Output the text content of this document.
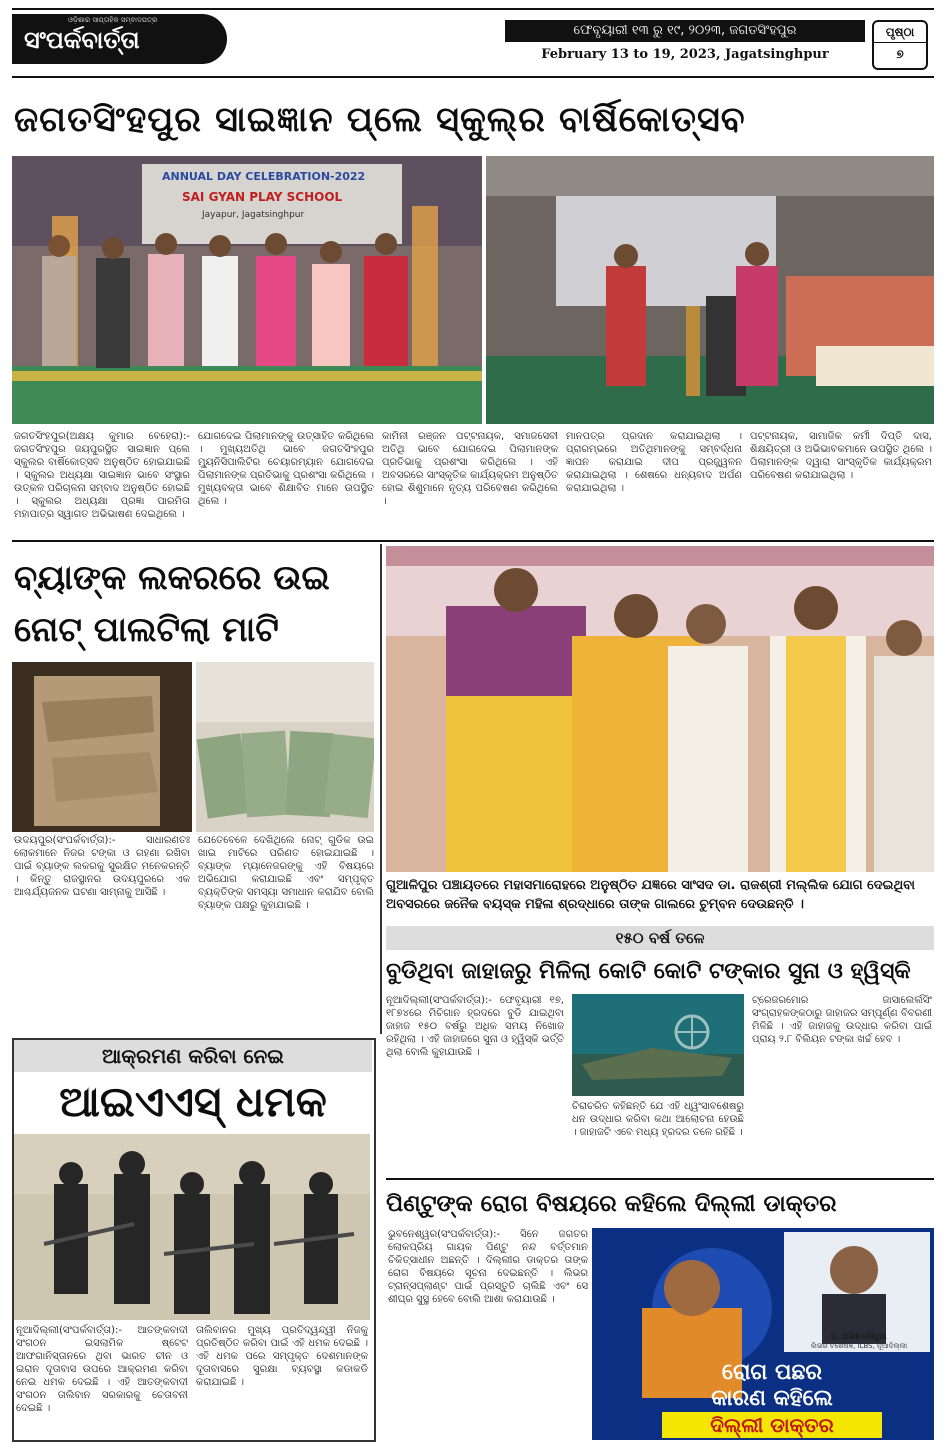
ଓଡ଼ିଶାର ସାପ୍ତାହିକ ସମ୍ବାଦପତ୍ର
ସଂପର୍କବାର୍ତ୍ତା	ଫେବୃୟାରୀ ୧୩ ରୁ ୧୯, ୨୦୨୩, ଜଗତସିଂହପୁର
February 13 to 19, 2023, Jagatsinghpur
ପୃଷ୍ଠା
୭
ଜଗତସିଂହପୁର ସାଇଜ୍ଞାନ ପ୍ଲେ ସ୍କୁଲ୍‌ର ବାର୍ଷିକୋତ୍ସବ
ANNUAL DAY CELEBRATION-2022
SAI GYAN PLAY SCHOOL
Jayapur, Jagatsinghpur
ଜଗତସିଂହପୁର(ଅକ୍ଷୟ କୁମାର ବେହେରା):- ଜଗତସିଂହପୁର ଜୟପୁରସ୍ଥିତ ସାଇଜ୍ଞାନ ପ୍ଲେ ସ୍କୁଲର ବାର୍ଷିକୋତ୍ସବ ଅନୁଷ୍ଠିତ ହୋଇଯାଇଛି । ସ୍କୁଲର ଅଧ୍ୟକ୍ଷା ସାଇଜ୍ଞାନ ଭାବେ ସଂସ୍ଥାର ଉତ୍କଳ ପରିଚାଳନା ସମ୍ବାଦ ଅନୁଷ୍ଠିତ ହୋଇଛି । ସ୍କୁଲର ଅଧ୍ୟକ୍ଷା ପ୍ରଜ୍ଞା ପାରମିତା ମହାପାତ୍ର ସ୍ୱାଗତ ଅଭିଭାଷଣ ଦେଇଥିଲେ ।
ଯୋଗଦେଇ ପିଲାମାନଙ୍କୁ ଉତ୍ସାହିତ କରିଥିଲେ । ମୁଖ୍ୟଅତିଥି ଭାବେ ଜଗତସିଂହପୁର ମ୍ୟୁନିସିପାଲିଟିର ଚେୟାରମ୍ୟାନ ଯୋଗଦେଇ ପିଲାମାନଙ୍କ ପ୍ରତିଭାକୁ ପ୍ରଶଂସା କରିଥିଲେ । ମୁଖ୍ୟବକ୍ତା ଭାବେ ଶିକ୍ଷାବିତ ମାନେ ଉପସ୍ଥିତ ଥିଲେ ।
କାମିନୀ ରଞ୍ଜନ ପଟ୍ଟନାୟକ, ସମାଜସେବୀ ଅତିଥି ଭାବେ ଯୋଗଦେଇ ପିଲାମାନଙ୍କ ପ୍ରତିଭାକୁ ପ୍ରଶଂସା କରିଥିଲେ । ଏହି ଅବସରରେ ସାଂସ୍କୃତିକ କାର୍ଯ୍ୟକ୍ରମ ଅନୁଷ୍ଠିତ ହୋଇ ଶିଶୁମାନେ ନୃତ୍ୟ ପରିବେଷଣ କରିଥିଲେ ।
ମାନପତ୍ର ପ୍ରଦାନ କରାଯାଇଥିଲା । ପ୍ରାରମ୍ଭରେ ଅତିଥିମାନଙ୍କୁ ସମ୍ବର୍ଦ୍ଧନା ଜ୍ଞାପନ କରାଯାଇ ଦୀପ ପ୍ରଜ୍ଜ୍ୱଳନ କରାଯାଇଥିଲା । ଶେଷରେ ଧନ୍ୟବାଦ ଅର୍ପଣ କରାଯାଇଥିଲା ।
ପଟ୍ଟନାୟକ, ସାମାଜିକ କର୍ମୀ ଦିପ୍ତି ଦାସ, ଶିକ୍ଷୟିତ୍ରୀ ଓ ଅଭିଭାବକମାନେ ଉପସ୍ଥିତ ଥିଲେ । ପିଲାମାନଙ୍କ ଦ୍ୱାରା ସାଂସ୍କୃତିକ କାର୍ଯ୍ୟକ୍ରମ ପରିବେଷଣ କରାଯାଇଥିଲା ।
ବ୍ୟାଙ୍କ ଲକରରେ ଉଇ ନୋଟ୍ ପାଲଟିଲା ମାଟି
ଉଦୟପୁର(ସଂପର୍କବାର୍ତ୍ତା):- ସାଧାରଣତଃ ଲୋକମାନେ ନିଜର ଟଙ୍କା ଓ ଗହଣା ରଖିବା ପାଇଁ ବ୍ୟାଙ୍କ ଲକରକୁ ସୁରକ୍ଷିତ ମନେକରନ୍ତି । କିନ୍ତୁ ରାଜସ୍ଥାନର ଉଦୟପୁରରେ ଏକ ଆଶ୍ଚର୍ଯ୍ୟଜନକ ଘଟଣା ସାମ୍ନାକୁ ଆସିଛି ।
ଯେତେବେଳେ ଦେଖିଥିଲେ ନୋଟ୍ ଗୁଡିକ ଉଇ ଖାଇ ମାଟିରେ ପରିଣତ ହୋଇଯାଇଛି । ବ୍ୟାଙ୍କ ମ୍ୟାନେଜରଙ୍କୁ ଏହି ବିଷୟରେ ଅଭିଯୋଗ କରାଯାଇଛି ଏବଂ ସମ୍ପୃକ୍ତ ବ୍ୟକ୍ତିଙ୍କ ସମସ୍ୟା ସମାଧାନ କରାଯିବ ବୋଲି ବ୍ୟାଙ୍କ ପକ୍ଷରୁ କୁହାଯାଇଛି ।
ଗୁଆଳିପୁର ପଞ୍ଚାୟତରେ ମହାସମାରୋହରେ ଅନୁଷ୍ଠିତ ଯଜ୍ଞରେ ସାଂସଦ ଡା. ରାଜଶ୍ରୀ ମଲ୍ଲିକ ଯୋଗ ଦେଇଥିବା ଅବସରରେ ଜନୈକ ବୟସ୍କ ମହିଳା ଶ୍ରଦ୍ଧାରେ ତାଙ୍କ ଗାଲରେ ଚୁମ୍ବନ ଦେଉଛନ୍ତି ।
୧୫୦ ବର୍ଷ ତଳେ
ବୁଡିଥିବା ଜାହାଜରୁ ମିଳିଲା କୋଟି କୋଟି ଟଙ୍କାର ସୁନା ଓ ହ୍ୱିସ୍କି
ନୂଆଦିଲ୍ଲୀ(ସଂପର୍କବାର୍ତ୍ତା):- ଫେବୃୟାରୀ ୧୭, ୧୮୭୪ରେ ମିଚିଗାନ ହ୍ରଦରେ ବୁଡି ଯାଇଥିବା ଜାହାଜ ୧୫୦ ବର୍ଷରୁ ଅଧିକ ସମୟ ନିଖୋଜ ରହିଥିଲା । ଏହି ଜାହାଜରେ ସୁନା ଓ ହ୍ୱିସ୍କି ଭର୍ତ୍ତି ଥିଲା ବୋଲି କୁହାଯାଉଛି ।
ଚିରାଚରିତ କହିଛନ୍ତି ଯେ ଏହି ଧ୍ୱଂସାବଶେଷରୁ ଧନ ଉଦ୍ଧାର କରିବା କଥା ଆଲୋଚନା ହେଉଛି । ଜାହାଜଟି ଏବେ ମଧ୍ୟ ହ୍ରଦର ତଳେ ରହିଛି ।
ଟ୍ରେଜରମୋର ଜାସାଲେର୍ଲସିଂ ସଂଗ୍ରାହକଙ୍କଠାରୁ ଜାହାଜର ସମ୍ପୂର୍ଣ୍ଣ ବିବରଣୀ ମିଳିଛି । ଏହି ଜାହାଜକୁ ଉଦ୍ଧାର କରିବା ପାଇଁ ପ୍ରାୟ ୨.୮ ବିଲିୟନ ଟଙ୍କା ଖର୍ଚ୍ଚ ହେବ ।
ଆକ୍ରମଣ କରିବା ନେଇ
ଆଇଏଏସ୍ ଧମକ
ନୂଆଦିଲ୍ଲୀ(ସଂପର୍କବାର୍ତ୍ତା):- ଆତଙ୍କବାଦୀ ସଂଗଠନ ଇସଲାମିକ ଷ୍ଟେଟ ଆଫଗାନିସ୍ତାନରେ ଥିବା ଭାରତ ଚୀନ ଓ ଇରାନ ଦୂତାବାସ ଉପରେ ଆକ୍ରମଣ କରିବା ନେଇ ଧମକ ଦେଇଛି । ଏହି ଆତଙ୍କବାଦୀ ସଂଗଠନ ତାଲିବାନ ସରକାରକୁ ଚେତାବନୀ ଦେଇଛି ।
ତାଲିବାନର ମୁଖ୍ୟ ପ୍ରତିଦ୍ୱନ୍ଦ୍ୱୀ ନିଜକୁ ପ୍ରତିଷ୍ଠିତ କରିବା ପାଇଁ ଏହି ଧମକ ଦେଇଛି । ଏହି ଧମକ ପରେ ସମ୍ପୃକ୍ତ ଦେଶମାନଙ୍କ ଦୂତାବାସରେ ସୁରକ୍ଷା ବ୍ୟବସ୍ଥା କଡାକଡି କରାଯାଇଛି ।
ପିଣ୍ଟୁଙ୍କ ରୋଗ ବିଷୟରେ କହିଲେ ଦିଲ୍ଲୀ ଡାକ୍ତର
ଭୁବନେଶ୍ୱର(ସଂପର୍କବାର୍ତ୍ତା):- ସିନେ ଜଗତର ଲୋକପ୍ରିୟ ଗାୟକ ପିଣ୍ଟୁ ନନ୍ଦ ବର୍ତ୍ତମାନ ଚିକିତ୍ସାଧୀନ ଅଛନ୍ତି । ଦିଲ୍ଲୀର ଡାକ୍ତର ତାଙ୍କ ରୋଗ ବିଷୟରେ ସୂଚନା ଦେଇଛନ୍ତି । ଲିଭର ଟ୍ରାନ୍ସପ୍ଲାଣ୍ଟ ପାଇଁ ପ୍ରସ୍ତୁତି ଚାଲିଛି ଏବଂ ସେ ଶୀଘ୍ର ସୁସ୍ଥ ହେବେ ବୋଲି ଆଶା କରାଯାଉଛି ।
ଡ. ଅଭିଜ୍ଞ ଚୌଧୁରୀ
ଲିଭର ବିଶେଷଜ୍ଞ, ILBS, ନୂଆଦିଲ୍ଲୀ
ରୋଗ ପଛର
କାରଣ କହିଲେ
ଦିଲ୍ଲୀ ଡାକ୍ତର
